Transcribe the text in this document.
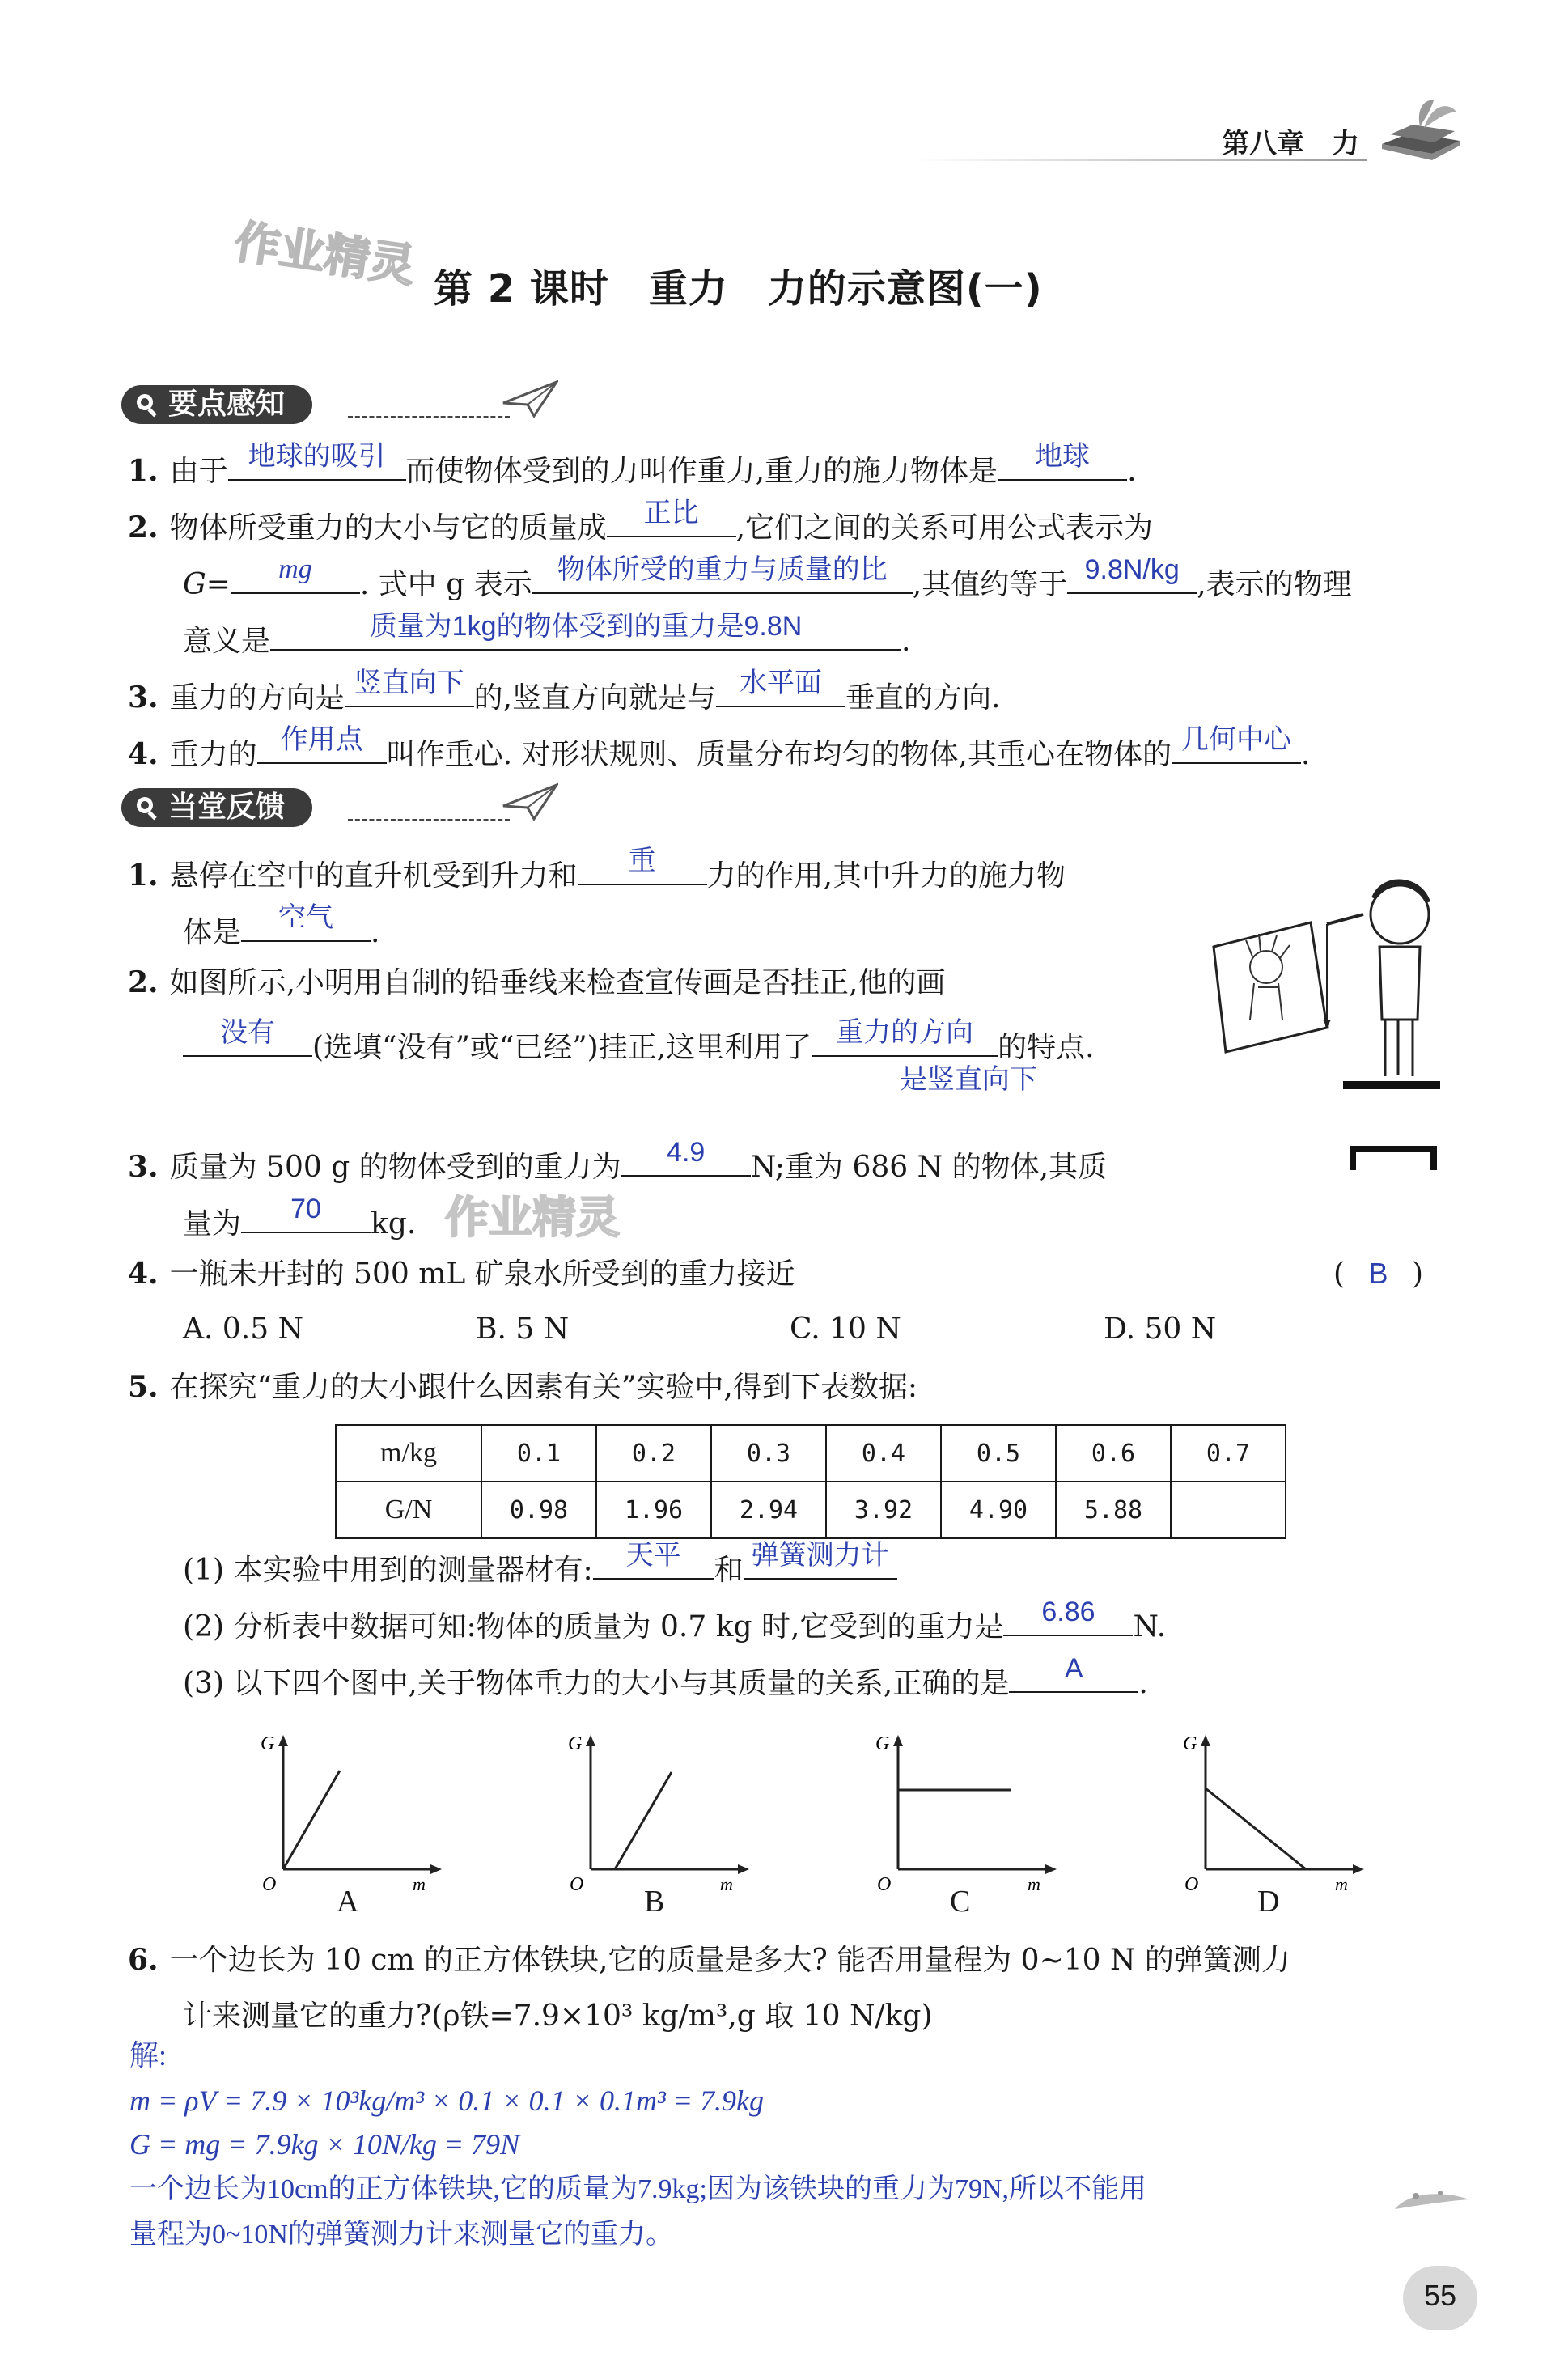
第八章　力
作业精灵 第 2 课时　重力　力的示意图(一)
要点感知
1. 由于 地球的吸引 而使物体受到的力叫作重力,重力的施力物体是	地球	.
2. 物体所受重力的大小与它的质量成	正比	,它们之间的关系可用公式表示为
G=	mg	. 式中 g 表示 物体所受的重力与质量的比 ,其值约等于 9.8N/kg ,表示的物理
意义是	质量为1kg的物体受到的重力是9.8N	.
3. 重力的方向是 竖直向下 的,竖直方向就是与 水平面 垂直的方向.
4. 重力的 作用点 叫作重心. 对形状规则、质量分布均匀的物体,其重心在物体的 几何中心 .
当堂反馈
1. 悬停在空中的直升机受到升力和	重	力的作用,其中升力的施力物
体是	空气	.
2. 如图所示,小明用自制的铅垂线来检查宣传画是否挂正,他的画
没有	(选填“没有”或“已经”)挂正,这里利用了 重力的方向 的特点.
是竖直向下
3. 质量为 500 g 的物体受到的重力为	4.9	N;重为 686 N 的物体,其质
量为	70	kg. 作业精灵
4. 一瓶未开封的 500 mL 矿泉水所受到的重力接近	( B )
A. 0.5 N	B. 5 N	C. 10 N	D. 50 N
5. 在探究“重力的大小跟什么因素有关”实验中,得到下表数据:
m/kg	0.1	0.2	0.3	0.4	0.5	0.6	0.7
G/N	0.98	1.96	2.94	3.92	4.90	5.88	
(1) 本实验中用到的测量器材有:	天平	和 弹簧测力计
(2) 分析表中数据可知:物体的质量为 0.7 kg 时,它受到的重力是	6.86	N.
(3) 以下四个图中,关于物体重力的大小与其质量的关系,正确的是	A	.
G
O	m
G
O	m
G
O	m
G
O	m
A	B	C	D
6. 一个边长为 10 cm 的正方体铁块,它的质量是多大? 能否用量程为 0~10 N 的弹簧测力
计来测量它的重力?(ρ铁=7.9×10³ kg/m³,g 取 10 N/kg)
解:
m = ρV = 7.9 × 10³kg/m³ × 0.1 × 0.1 × 0.1m³ = 7.9kg
G = mg = 7.9kg × 10N/kg = 79N
一个边长为10cm的正方体铁块,它的质量为7.9kg;因为该铁块的重力为79N,所以不能用
量程为0~10N的弹簧测力计来测量它的重力。
55
